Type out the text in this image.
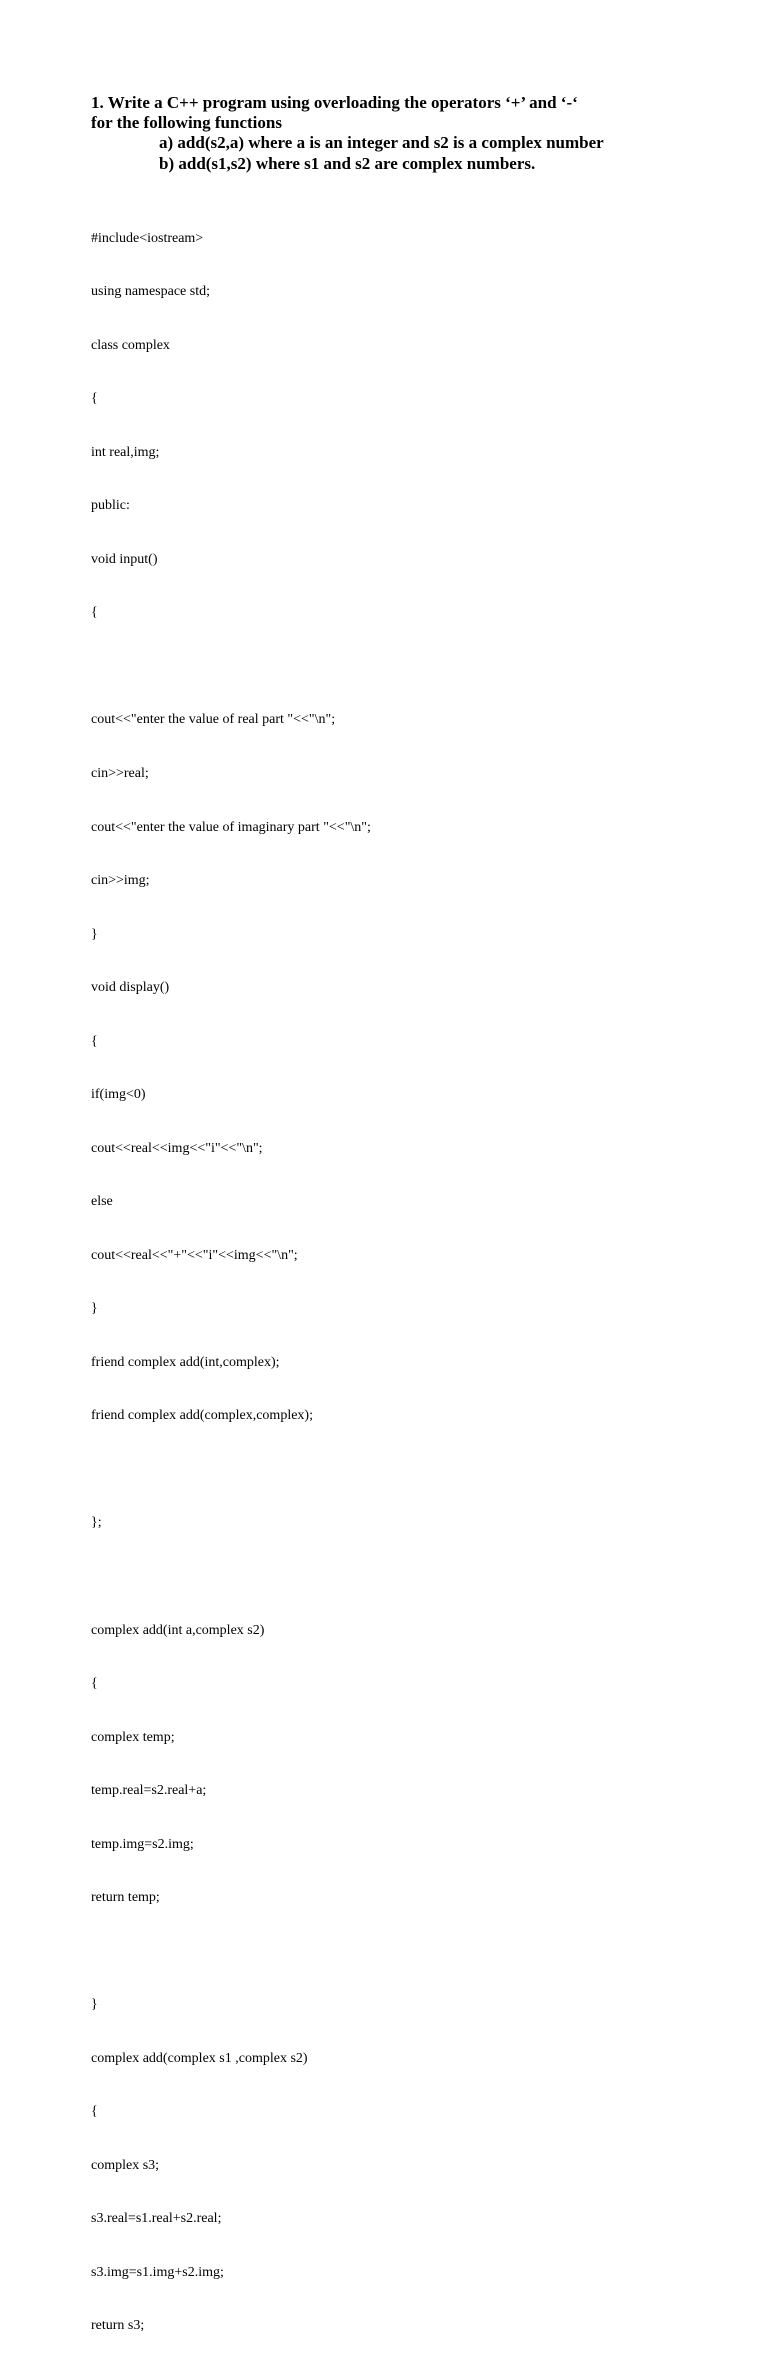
1. Write a C++ program using overloading the operators ‘+’ and ‘-‘
for the following functions
a) add(s2,a) where a is an integer and s2 is a complex number
b) add(s1,s2) where s1 and s2 are complex numbers.

#include<iostream>

using namespace std;

class complex

{

int real,img;

public:

void input()

{

cout<<"enter the value of real part "<<"\n";

cin>>real;

cout<<"enter the value of imaginary part "<<"\n";

cin>>img;

}

void display()

{

if(img<0)

cout<<real<<img<<"i"<<"\n";

else

cout<<real<<"+"<<"i"<<img<<"\n";

}

friend complex add(int,complex);

friend complex add(complex,complex);

};

complex add(int a,complex s2)

{

complex temp;

temp.real=s2.real+a;

temp.img=s2.img;

return temp;

}

complex add(complex s1 ,complex s2)

{

complex s3;

s3.real=s1.real+s2.real;

s3.img=s1.img+s2.img;

return s3;
